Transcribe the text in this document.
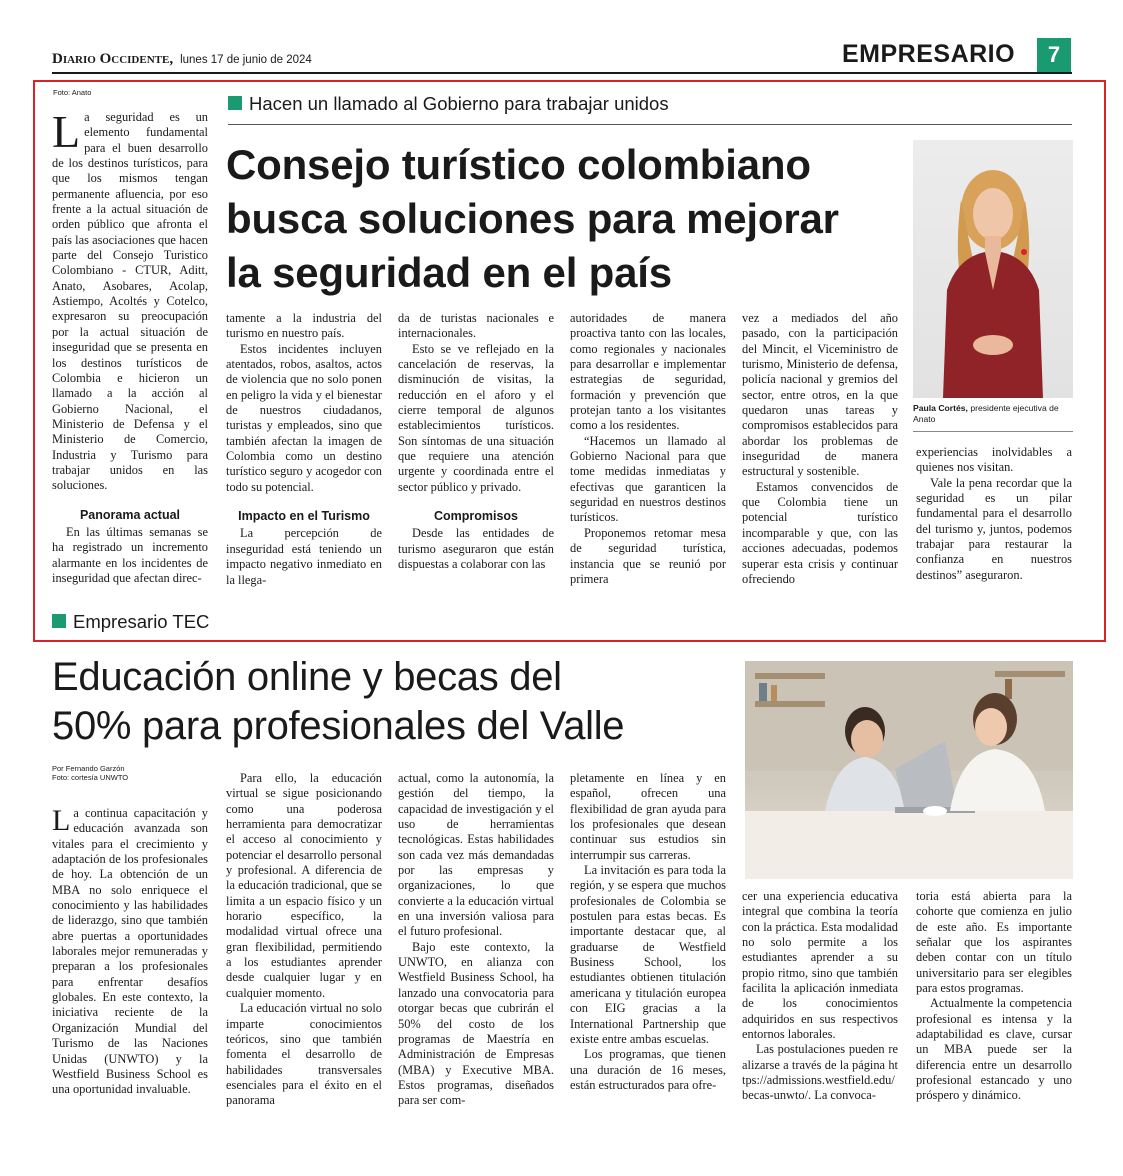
Diario Occidente, lunes 17 de junio de 2024	EMPRESARIO	7
Foto: Anato
L a seguridad es un elemento fundamental para el buen desarrollo de los destinos turísticos, para que los mismos tengan permanente afluencia, por eso frente a la actual situación de orden público que afronta el país las asociaciones que hacen parte del Consejo Turistico Colombiano - CTUR, Aditt, Anato, Asobares, Acolap, Astiempo, Acoltés y Cotelco, expresaron su preocupación por la actual situación de inseguridad que se presenta en los destinos turísticos de Colombia e hicieron un llamado a la acción al Gobierno Nacional, el Ministerio de Defensa y el Ministerio de Comercio, Industria y Turismo para trabajar unidos en las soluciones.

Panorama actual

En las últimas semanas se ha registrado un incremento alarmante en los incidentes de inseguridad que afectan direc-

Hacen un llamado al Gobierno para trabajar unidos
Consejo turístico colombiano
busca soluciones para mejorar
la seguridad en el país
Paula Cortés, presidente ejecutiva de Anato

tamente a la industria del turismo en nuestro país.

Estos incidentes incluyen atentados, robos, asaltos, actos de violencia que no solo ponen en peligro la vida y el bienestar de nuestros ciudadanos, turistas y empleados, sino que también afectan la imagen de Colombia como un destino turístico seguro y acogedor con todo su potencial.

Impacto en el Turismo

La percepción de inseguridad está teniendo un impacto negativo inmediato en la llega-

da de turistas nacionales e internacionales.

Esto se ve reflejado en la cancelación de reservas, la disminución de visitas, la reducción en el aforo y el cierre temporal de algunos establecimientos turísticos. Son síntomas de una situación que requiere una atención urgente y coordinada entre el sector público y privado.

Compromisos

Desde las entidades de turismo aseguraron que están dispuestas a colaborar con las

autoridades de manera proactiva tanto con las locales, como regionales y nacionales para desarrollar e implementar estrategias de seguridad, formación y prevención que protejan tanto a los visitantes como a los residentes.

“Hacemos un llamado al Gobierno Nacional para que tome medidas inmediatas y efectivas que garanticen la seguridad en nuestros destinos turísticos.

Proponemos retomar mesa de seguridad turística, instancia que se reunió por primera

vez a mediados del año pasado, con la participación del Mincit, el Viceministro de turismo, Ministerio de defensa, policía nacional y gremios del sector, entre otros, en la que quedaron unas tareas y compromisos establecidos para abordar los problemas de inseguridad de manera estructural y sostenible.

Estamos convencidos de que Colombia tiene un potencial turístico incomparable y que, con las acciones adecuadas, podemos superar esta crisis y continuar ofreciendo

experiencias inolvidables a quienes nos visitan.

Vale la pena recordar que la seguridad es un pilar fundamental para el desarrollo del turismo y, juntos, podemos trabajar para restaurar la confianza en nuestros destinos” aseguraron.

Empresario TEC
Educación online y becas del
50% para profesionales del Valle
Por Fernando Garzón
Foto: cortesía UNWTO
L a continua capacitación y educación avanzada son vitales para el crecimiento y adaptación de los profesionales de hoy. La obtención de un MBA no solo enriquece el conocimiento y las habilidades de liderazgo, sino que también abre puertas a oportunidades laborales mejor remuneradas y preparan a los profesionales para enfrentar desafíos globales. En este contexto, la iniciativa reciente de la Organización Mundial del Turismo de las Naciones Unidas (UNWTO) y la Westfield Business School es una oportunidad invaluable.

Para ello, la educación virtual se sigue posicionando como una poderosa herramienta para democratizar el acceso al conocimiento y potenciar el desarrollo personal y profesional. A diferencia de la educación tradicional, que se limita a un espacio físico y un horario específico, la modalidad virtual ofrece una gran flexibilidad, permitiendo a los estudiantes aprender desde cualquier lugar y en cualquier momento.

La educación virtual no solo imparte conocimientos teóricos, sino que también fomenta el desarrollo de habilidades transversales esenciales para el éxito en el panorama

actual, como la autonomía, la gestión del tiempo, la capacidad de investigación y el uso de herramientas tecnológicas. Estas habilidades son cada vez más demandadas por las empresas y organizaciones, lo que convierte a la educación virtual en una inversión valiosa para el futuro profesional.

Bajo este contexto, la UNWTO, en alianza con Westfield Business School, ha lanzado una convocatoria para otorgar becas que cubrirán el 50% del costo de los programas de Maestría en Administración de Empresas (MBA) y Executive MBA. Estos programas, diseñados para ser com-

pletamente en línea y en español, ofrecen una flexibilidad de gran ayuda para los profesionales que desean continuar sus estudios sin interrumpir sus carreras.

La invitación es para toda la región, y se espera que muchos profesionales de Colombia se postulen para estas becas. Es importante destacar que, al graduarse de Westfield Business School, los estudiantes obtienen titulación americana y titulación europea con EIG gracias a la International Partnership que existe entre ambas escuelas.

Los programas, que tienen una duración de 16 meses, están estructurados para ofre-

cer una experiencia educativa integral que combina la teoría con la práctica. Esta modalidad no solo permite a los estudiantes aprender a su propio ritmo, sino que también facilita la aplicación inmediata de los conocimientos adquiridos en sus respectivos entornos laborales.

Las postulaciones pueden realizarse a través de la página https://admissions.westfield.edu/becas-unwto/. La convoca-

toria está abierta para la cohorte que comienza en julio de este año. Es importante señalar que los aspirantes deben contar con un título universitario para ser elegibles para estos programas.

Actualmente la competencia profesional es intensa y la adaptabilidad es clave, cursar un MBA puede ser la diferencia entre un desarrollo profesional estancado y uno próspero y dinámico.
